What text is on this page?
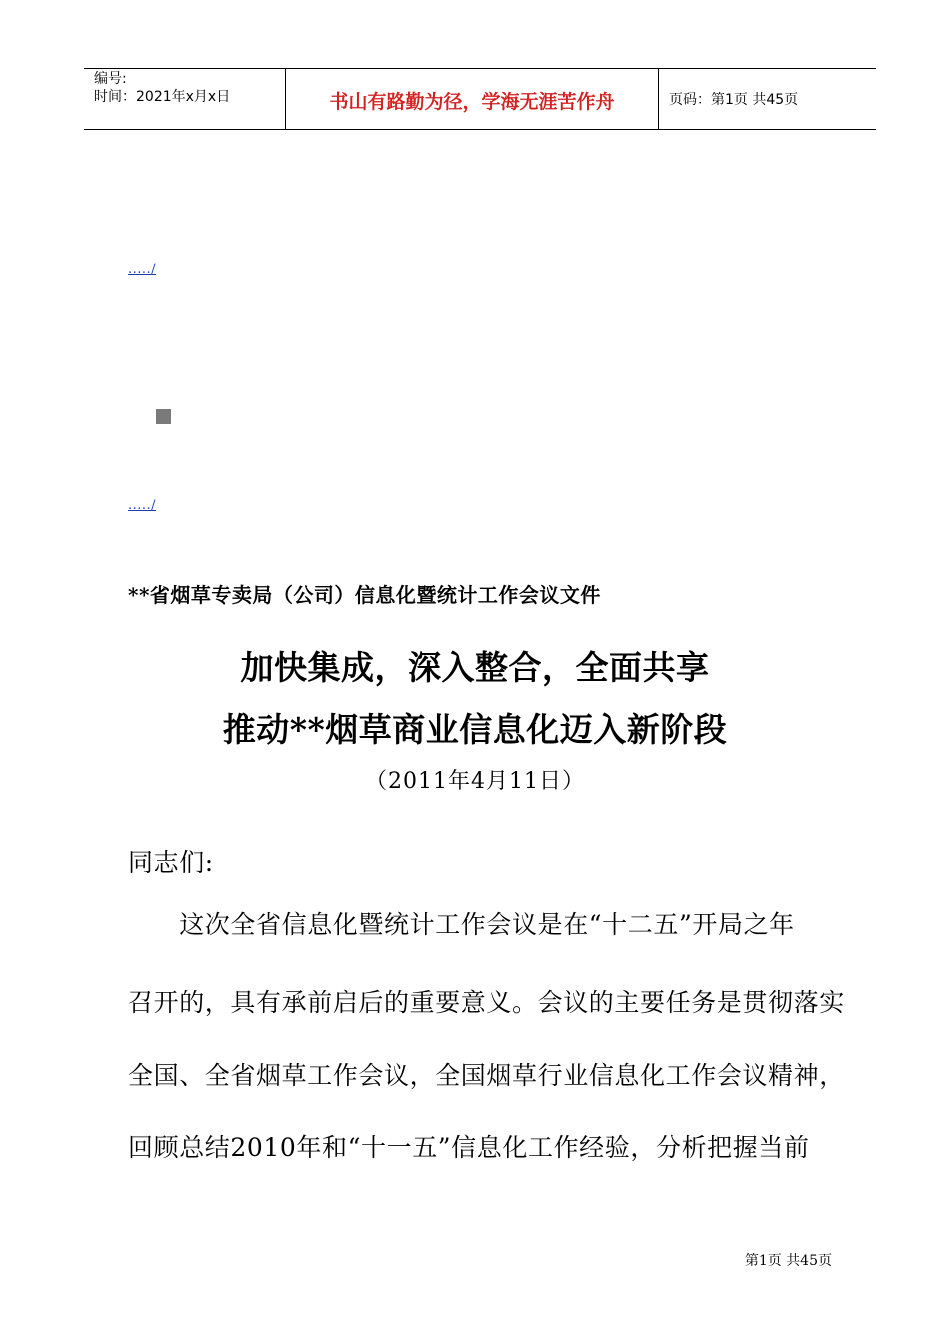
编号:
时间：2021年x月x日	书山有路勤为径，学海无涯苦作舟	页码：第1页 共45页
...../
...../
**省烟草专卖局（公司）信息化暨统计工作会议文件
加快集成，深入整合，全面共享
推动**烟草商业信息化迈入新阶段
（2011年4月11日）
同志们:
　　这次全省信息化暨统计工作会议是在“十二五”开局之年
召开的，具有承前启后的重要意义。会议的主要任务是贯彻落实
全国、全省烟草工作会议，全国烟草行业信息化工作会议精神，
回顾总结2010年和“十一五”信息化工作经验，分析把握当前
第1页 共45页
